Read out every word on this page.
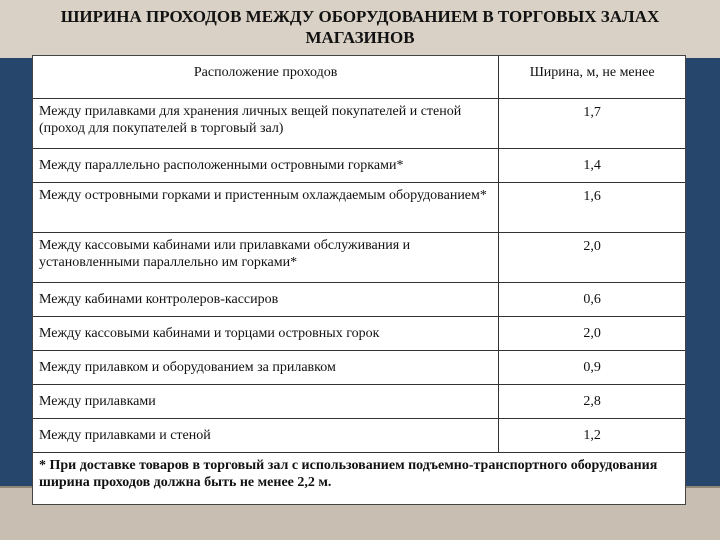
ШИРИНА ПРОХОДОВ МЕЖДУ ОБОРУДОВАНИЕМ В ТОРГОВЫХ ЗАЛАХ МАГАЗИНОВ
Расположение проходов	Ширина, м, не менее
Между прилавками для хранения личных вещей покупателей и стеной (проход для покупателей в торговый зал)	1,7
Между параллельно расположенными островными горками*	1,4
Между островными горками и пристенным охлаждаемым оборудованием*	1,6
Между кассовыми кабинами или прилавками обслуживания и установленными параллельно им горками*	2,0
Между кабинами контролеров-кассиров	0,6
Между кассовыми кабинами и торцами островных горок	2,0
Между прилавком и оборудованием за прилавком	0,9
Между прилавками	2,8
Между прилавками и стеной	1,2
* При доставке товаров в торговый зал с использованием подъемно-транспортного оборудования ширина проходов должна быть не менее 2,2 м.	
